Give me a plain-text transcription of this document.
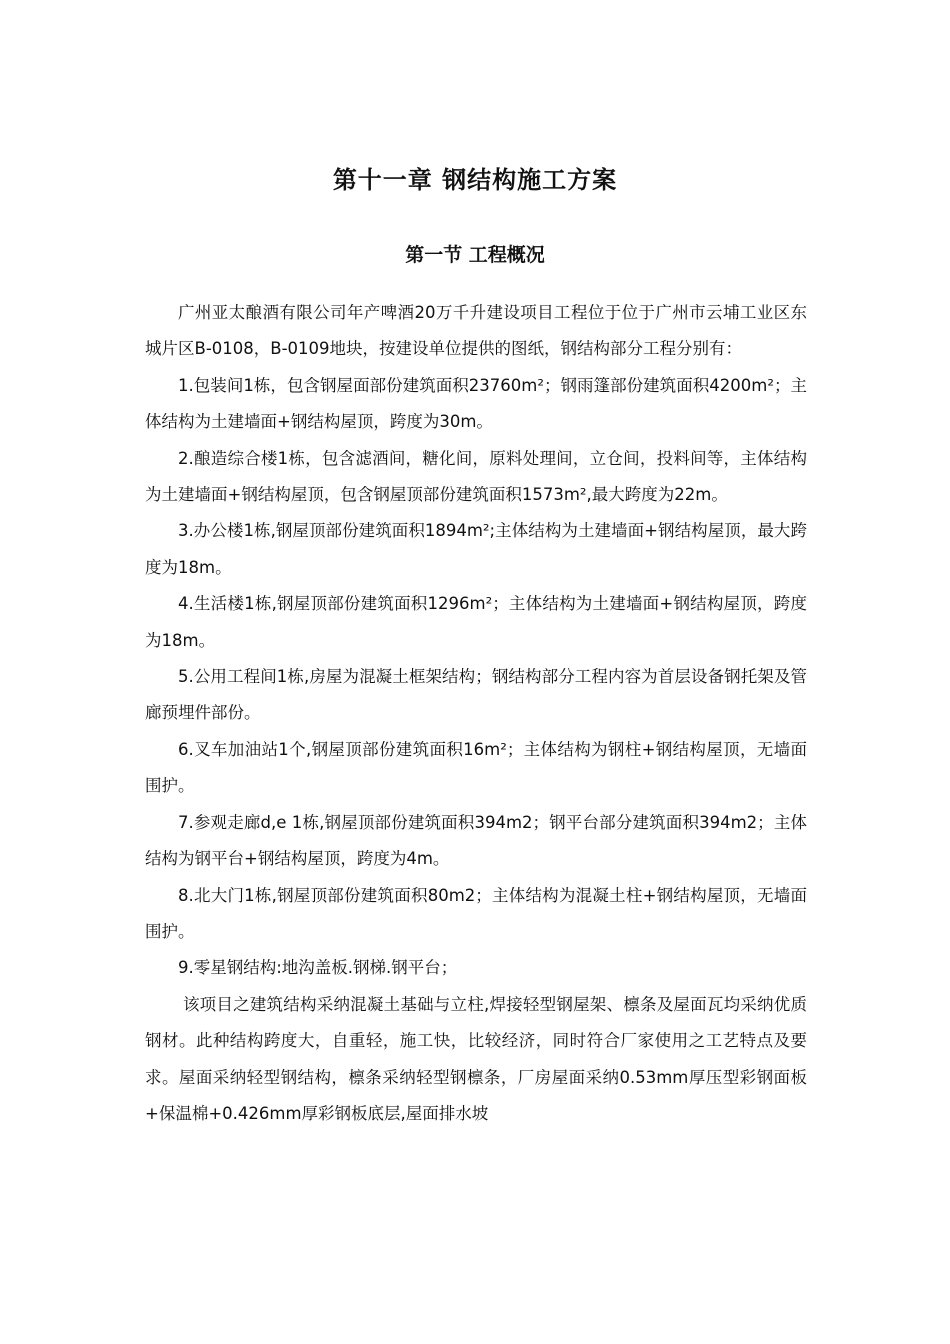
第十一章 钢结构施工方案
第一节 工程概况

广州亚太酿酒有限公司年产啤酒20万千升建设项目工程位于位于广州市云埔工业区东城片区B-0108，B-0109地块，按建设单位提供的图纸，钢结构部分工程分别有：

1.包装间1栋，包含钢屋面部份建筑面积23760m²；钢雨篷部份建筑面积4200m²；主体结构为土建墙面+钢结构屋顶，跨度为30m。

2.酿造综合楼1栋，包含滤酒间，糖化间，原料处理间，立仓间，投料间等，主体结构为土建墙面+钢结构屋顶，包含钢屋顶部份建筑面积1573m²,最大跨度为22m。

3.办公楼1栋,钢屋顶部份建筑面积1894m²;主体结构为土建墙面+钢结构屋顶，最大跨度为18m。

4.生活楼1栋,钢屋顶部份建筑面积1296m²；主体结构为土建墙面+钢结构屋顶，跨度为18m。

5.公用工程间1栋,房屋为混凝土框架结构；钢结构部分工程内容为首层设备钢托架及管廊预埋件部份。

6.叉车加油站1个,钢屋顶部份建筑面积16m²；主体结构为钢柱+钢结构屋顶，无墙面围护。

7.参观走廊d,e 1栋,钢屋顶部份建筑面积394m2；钢平台部分建筑面积394m2；主体结构为钢平台+钢结构屋顶，跨度为4m。

8.北大门1栋,钢屋顶部份建筑面积80m2；主体结构为混凝土柱+钢结构屋顶，无墙面围护。

9.零星钢结构:地沟盖板.钢梯.钢平台；

该项目之建筑结构采纳混凝土基础与立柱,焊接轻型钢屋架、檩条及屋面瓦均采纳优质钢材。此种结构跨度大，自重轻，施工快，比较经济，同时符合厂家使用之工艺特点及要求。屋面采纳轻型钢结构，檩条采纳轻型钢檩条，厂房屋面采纳0.53mm厚压型彩钢面板+保温棉+0.426mm厚彩钢板底层,屋面排水坡
